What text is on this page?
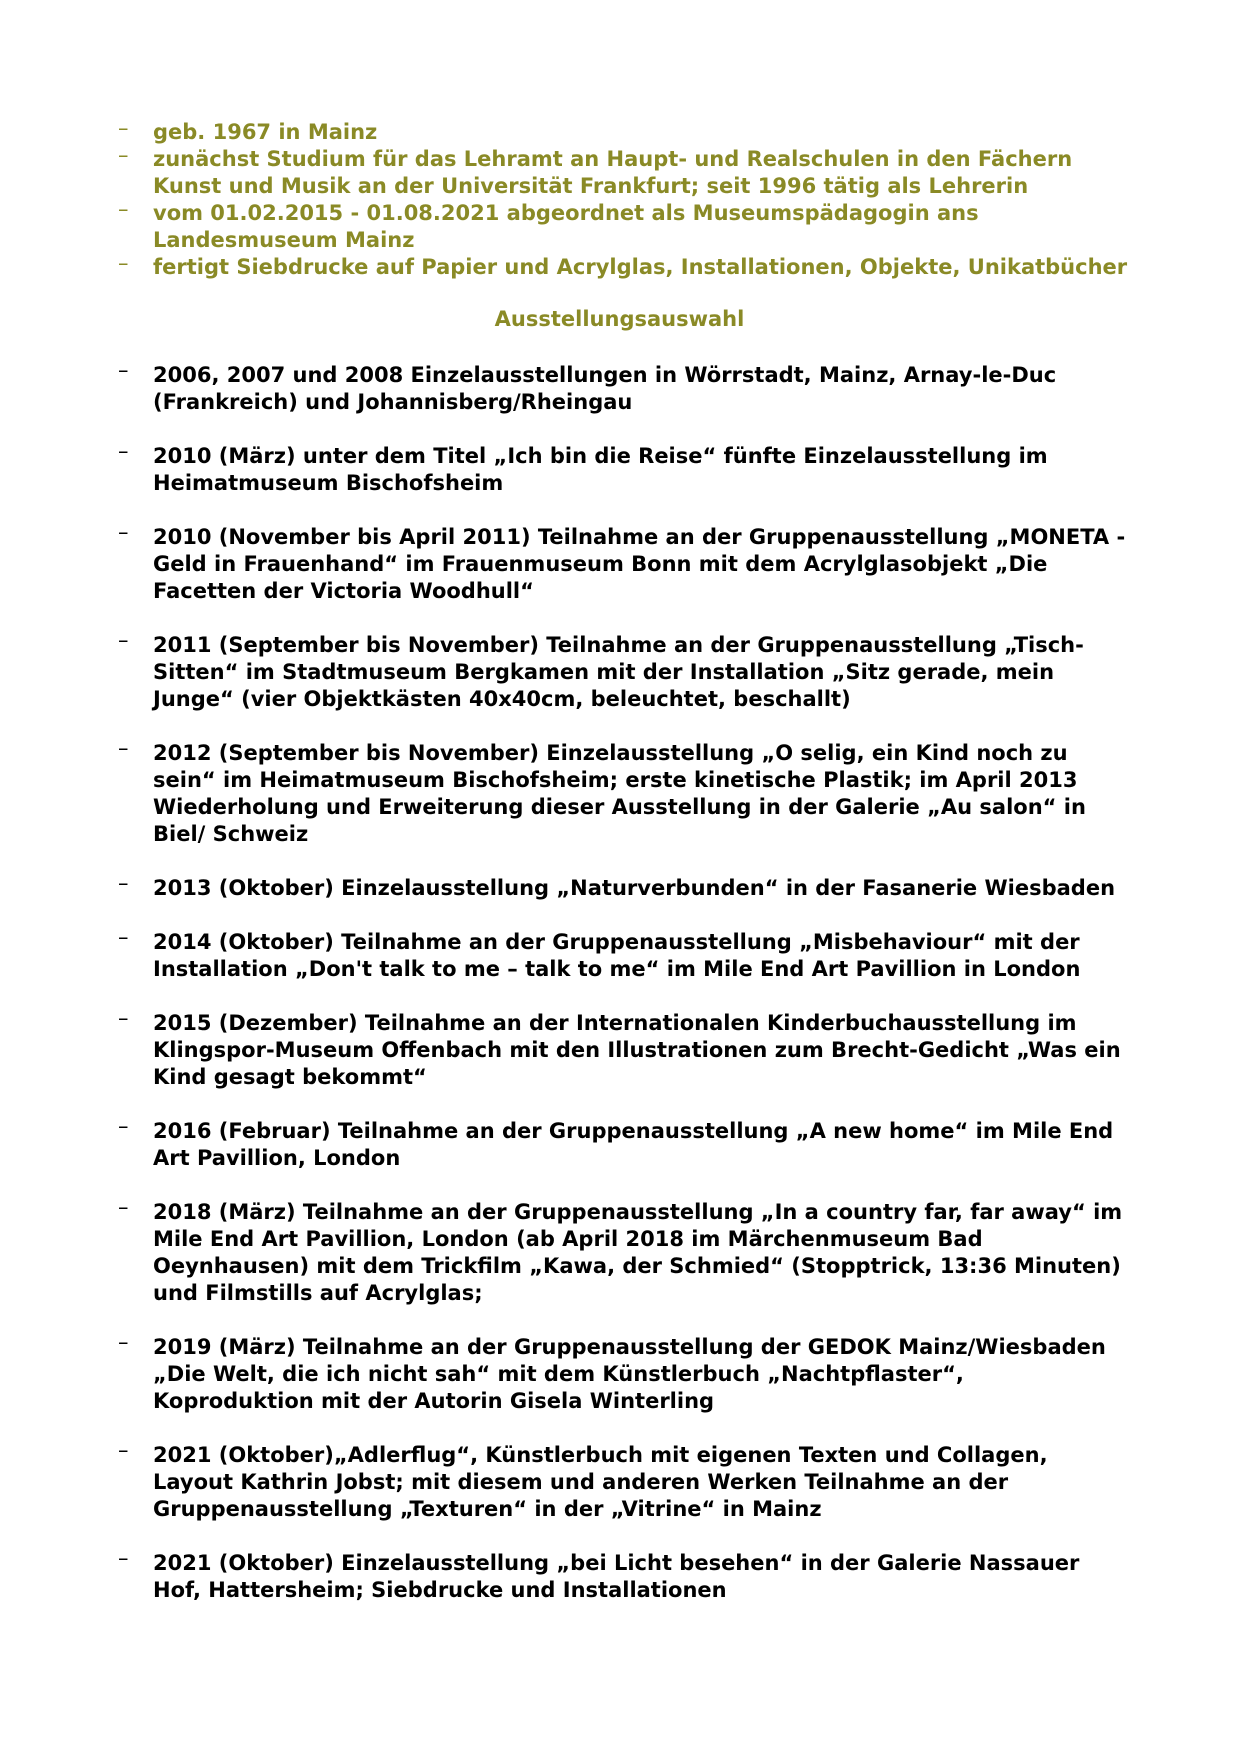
– geb. 1967 in Mainz
– zunächst Studium für das Lehramt an Haupt- und Realschulen in den Fächern Kunst und Musik an der Universität Frankfurt; seit 1996 tätig als Lehrerin
– vom 01.02.2015 - 01.08.2021 abgeordnet als Museumspädagogin ans Landesmuseum Mainz
– fertigt Siebdrucke auf Papier und Acrylglas, Installationen, Objekte, Unikatbücher
Ausstellungsauswahl
– 2006, 2007 und 2008 Einzelausstellungen in Wörrstadt, Mainz, Arnay-le-Duc (Frankreich) und Johannisberg/Rheingau
– 2010 (März) unter dem Titel „Ich bin die Reise“ fünfte Einzelausstellung im Heimatmuseum Bischofsheim
– 2010 (November bis April 2011) Teilnahme an der Gruppenausstellung „MONETA - Geld in Frauenhand“ im Frauenmuseum Bonn mit dem Acrylglasobjekt „Die Facetten der Victoria Woodhull“
– 2011 (September bis November) Teilnahme an der Gruppenausstellung „Tisch-Sitten“ im Stadtmuseum Bergkamen mit der Installation „Sitz gerade, mein Junge“ (vier Objektkästen 40x40cm, beleuchtet, beschallt)
– 2012 (September bis November) Einzelausstellung „O selig, ein Kind noch zu sein“ im Heimatmuseum Bischofsheim; erste kinetische Plastik; im April 2013 Wiederholung und Erweiterung dieser Ausstellung in der Galerie „Au salon“ in Biel/ Schweiz
– 2013 (Oktober) Einzelausstellung „Naturverbunden“ in der Fasanerie Wiesbaden
– 2014 (Oktober) Teilnahme an der Gruppenausstellung „Misbehaviour“ mit der Installation „Don't talk to me – talk to me“ im Mile End Art Pavillion in London
– 2015 (Dezember) Teilnahme an der Internationalen Kinderbuchausstellung im Klingspor-Museum Offenbach mit den Illustrationen zum Brecht-Gedicht „Was ein Kind gesagt bekommt“
– 2016 (Februar) Teilnahme an der Gruppenausstellung „A new home“ im Mile End Art Pavillion, London
– 2018 (März) Teilnahme an der Gruppenausstellung „In a country far, far away“ im Mile End Art Pavillion, London (ab April 2018 im Märchenmuseum Bad Oeynhausen) mit dem Trickfilm „Kawa, der Schmied“ (Stopptrick, 13:36 Minuten) und Filmstills auf Acrylglas;
– 2019 (März) Teilnahme an der Gruppenausstellung der GEDOK Mainz/Wiesbaden „Die Welt, die ich nicht sah“ mit dem Künstlerbuch „Nachtpflaster“, Koproduktion mit der Autorin Gisela Winterling
– 2021 (Oktober)„Adlerflug“, Künstlerbuch mit eigenen Texten und Collagen, Layout Kathrin Jobst; mit diesem und anderen Werken Teilnahme an der Gruppenausstellung „Texturen“ in der „Vitrine“ in Mainz
– 2021 (Oktober) Einzelausstellung „bei Licht besehen“ in der Galerie Nassauer Hof, Hattersheim; Siebdrucke und Installationen
